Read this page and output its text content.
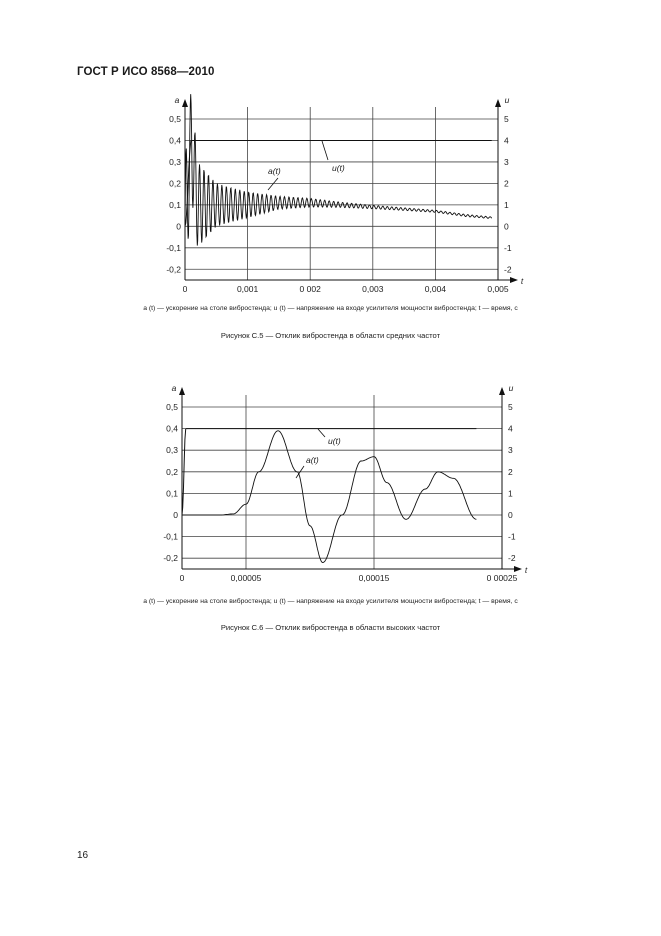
ГОСТ Р ИСО 8568—2010
a	u
t
0,5
0,4
0,3
0,2
0,1
0
-0,1
-0,2
5
4
3
2
1
0
-1
-2
0	0,001	0 002	0,003	0,004	0,005
a(t)	u(t)
a (t) — ускорение на столе вибростенда; u (t) — напряжение на входе усилителя мощности вибростенда; t — время, с
Рисунок С.5 — Отклик вибростенда в области средних частот
a	u
t
0,5
0,4
0,3
0,2
0,1
0
-0,1
-0,2
5
4
3
2
1
0
-1
-2
0	0,00005	0,00015	0 00025
u(t)
a(t)
a (t) — ускорение на столе вибростенда; u (t) — напряжение на входе усилителя мощности вибростенда; t — время, с
Рисунок С.6 — Отклик вибростенда в области высоких частот
16
